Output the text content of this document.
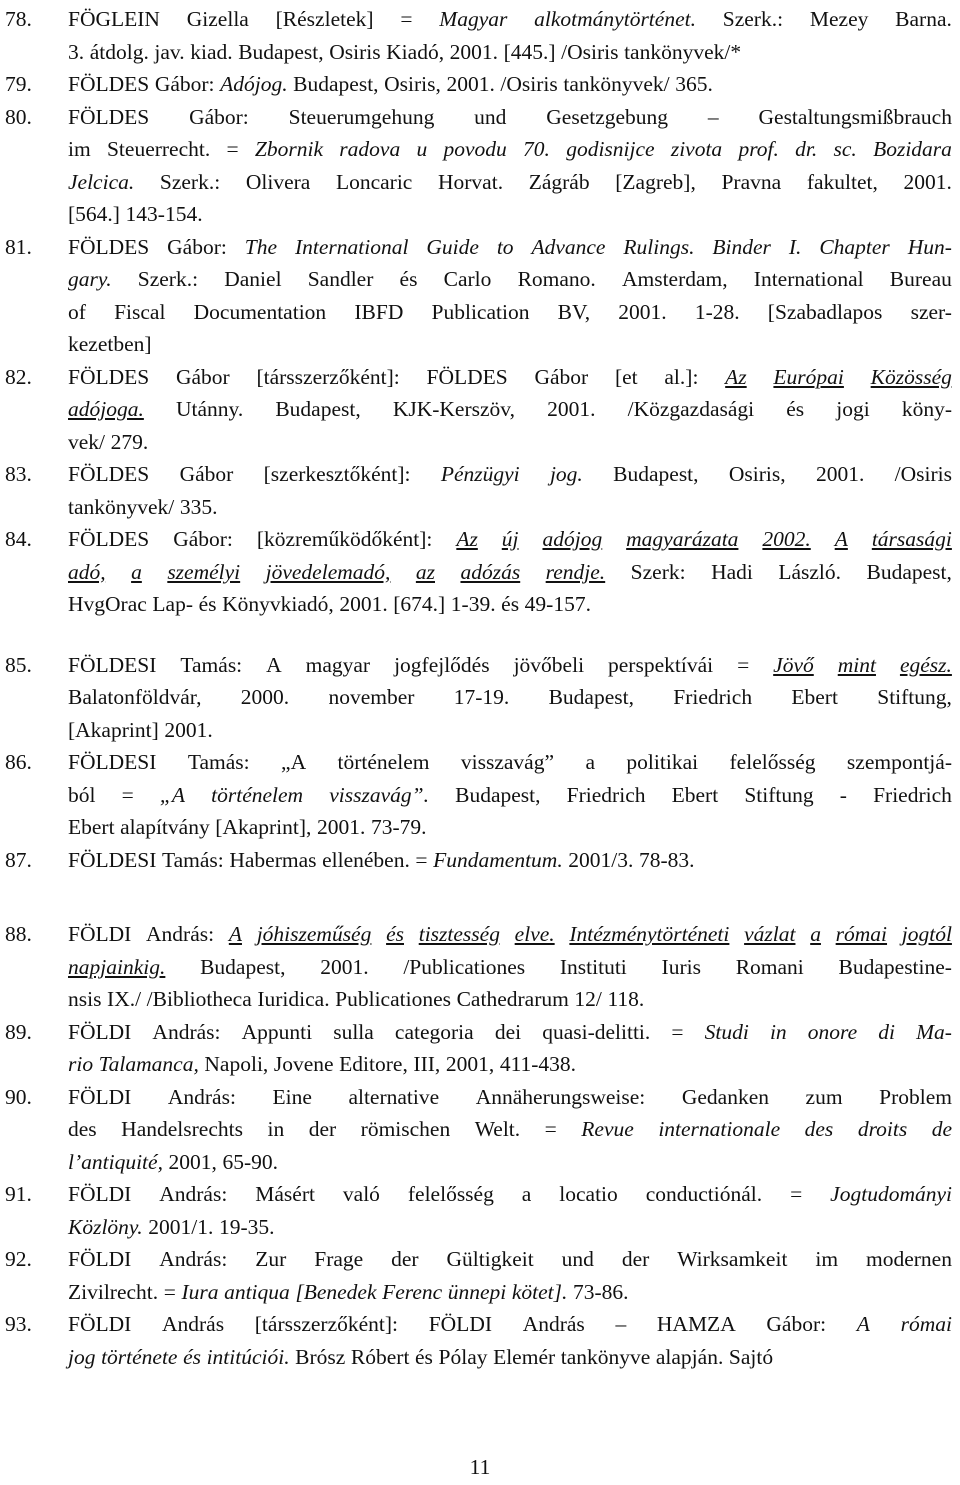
78. FÖGLEIN Gizella [Részletek] = Magyar alkotmánytörténet. Szerk.: Mezey Barna.
3. átdolg. jav. kiad. Budapest, Osiris Kiadó, 2001. [445.] /Osiris tankönyvek/*
79. FÖLDES Gábor: Adójog. Budapest, Osiris, 2001. /Osiris tankönyvek/ 365.
80. FÖLDES Gábor: Steuerumgehung und Gesetzgebung – Gestaltungsmißbrauch
im Steuerrecht. = Zbornik radova u povodu 70. godisnijce zivota prof. dr. sc. Bozidara
Jelcica. Szerk.: Olivera Loncaric Horvat. Zágráb [Zagreb], Pravna fakultet, 2001.
[564.] 143-154.
81. FÖLDES Gábor: The International Guide to Advance Rulings. Binder I. Chapter Hun-
gary. Szerk.: Daniel Sandler és Carlo Romano. Amsterdam, International Bureau
of Fiscal Documentation IBFD Publication BV, 2001. 1-28. [Szabadlapos szer-
kezetben]
82. FÖLDES Gábor [társszerzőként]: FÖLDES Gábor [et al.]: Az Európai Közösség
adójoga. Utánny. Budapest, KJK-Kerszöv, 2001. /Közgazdasági és jogi köny-
vek/ 279.
83. FÖLDES Gábor [szerkesztőként]: Pénzügyi jog. Budapest, Osiris, 2001. /Osiris
tankönyvek/ 335.
84. FÖLDES Gábor: [közreműködőként]: Az új adójog magyarázata 2002. A társasági
adó, a személyi jövedelemadó, az adózás rendje. Szerk: Hadi László. Budapest,
HvgOrac Lap- és Könyvkiadó, 2001. [674.] 1-39. és 49-157.
85. FÖLDESI Tamás: A magyar jogfejlődés jövőbeli perspektívái = Jövő mint egész.
Balatonföldvár, 2000. november 17-19. Budapest, Friedrich Ebert Stiftung,
[Akaprint] 2001.
86. FÖLDESI Tamás: „A történelem visszavág” a politikai felelősség szempontjá-
ból = „A történelem visszavág”. Budapest, Friedrich Ebert Stiftung - Friedrich
Ebert alapítvány [Akaprint], 2001. 73-79.
87. FÖLDESI Tamás: Habermas ellenében. = Fundamentum. 2001/3. 78-83.
88. FÖLDI András: A jóhiszeműség és tisztesség elve. Intézménytörténeti vázlat a római jogtól
napjainkig. Budapest, 2001. /Publicationes Instituti Iuris Romani Budapestine-
nsis IX./ /Bibliotheca Iuridica. Publicationes Cathedrarum 12/ 118.
89. FÖLDI András: Appunti sulla categoria dei quasi-delitti. = Studi in onore di Ma-
rio Talamanca, Napoli, Jovene Editore, III, 2001, 411-438.
90. FÖLDI András: Eine alternative Annäherungsweise: Gedanken zum Problem
des Handelsrechts in der römischen Welt. = Revue internationale des droits de
l’antiquité, 2001, 65-90.
91. FÖLDI András: Másért való felelősség a locatio conductiónál. = Jogtudományi
Közlöny. 2001/1. 19-35.
92. FÖLDI András: Zur Frage der Gültigkeit und der Wirksamkeit im modernen
Zivilrecht. = Iura antiqua [Benedek Ferenc ünnepi kötet]. 73-86.
93. FÖLDI András [társszerzőként]: FÖLDI András – HAMZA Gábor: A római
jog története és intitúciói. Brósz Róbert és Pólay Elemér tankönyve alapján. Sajtó
11
